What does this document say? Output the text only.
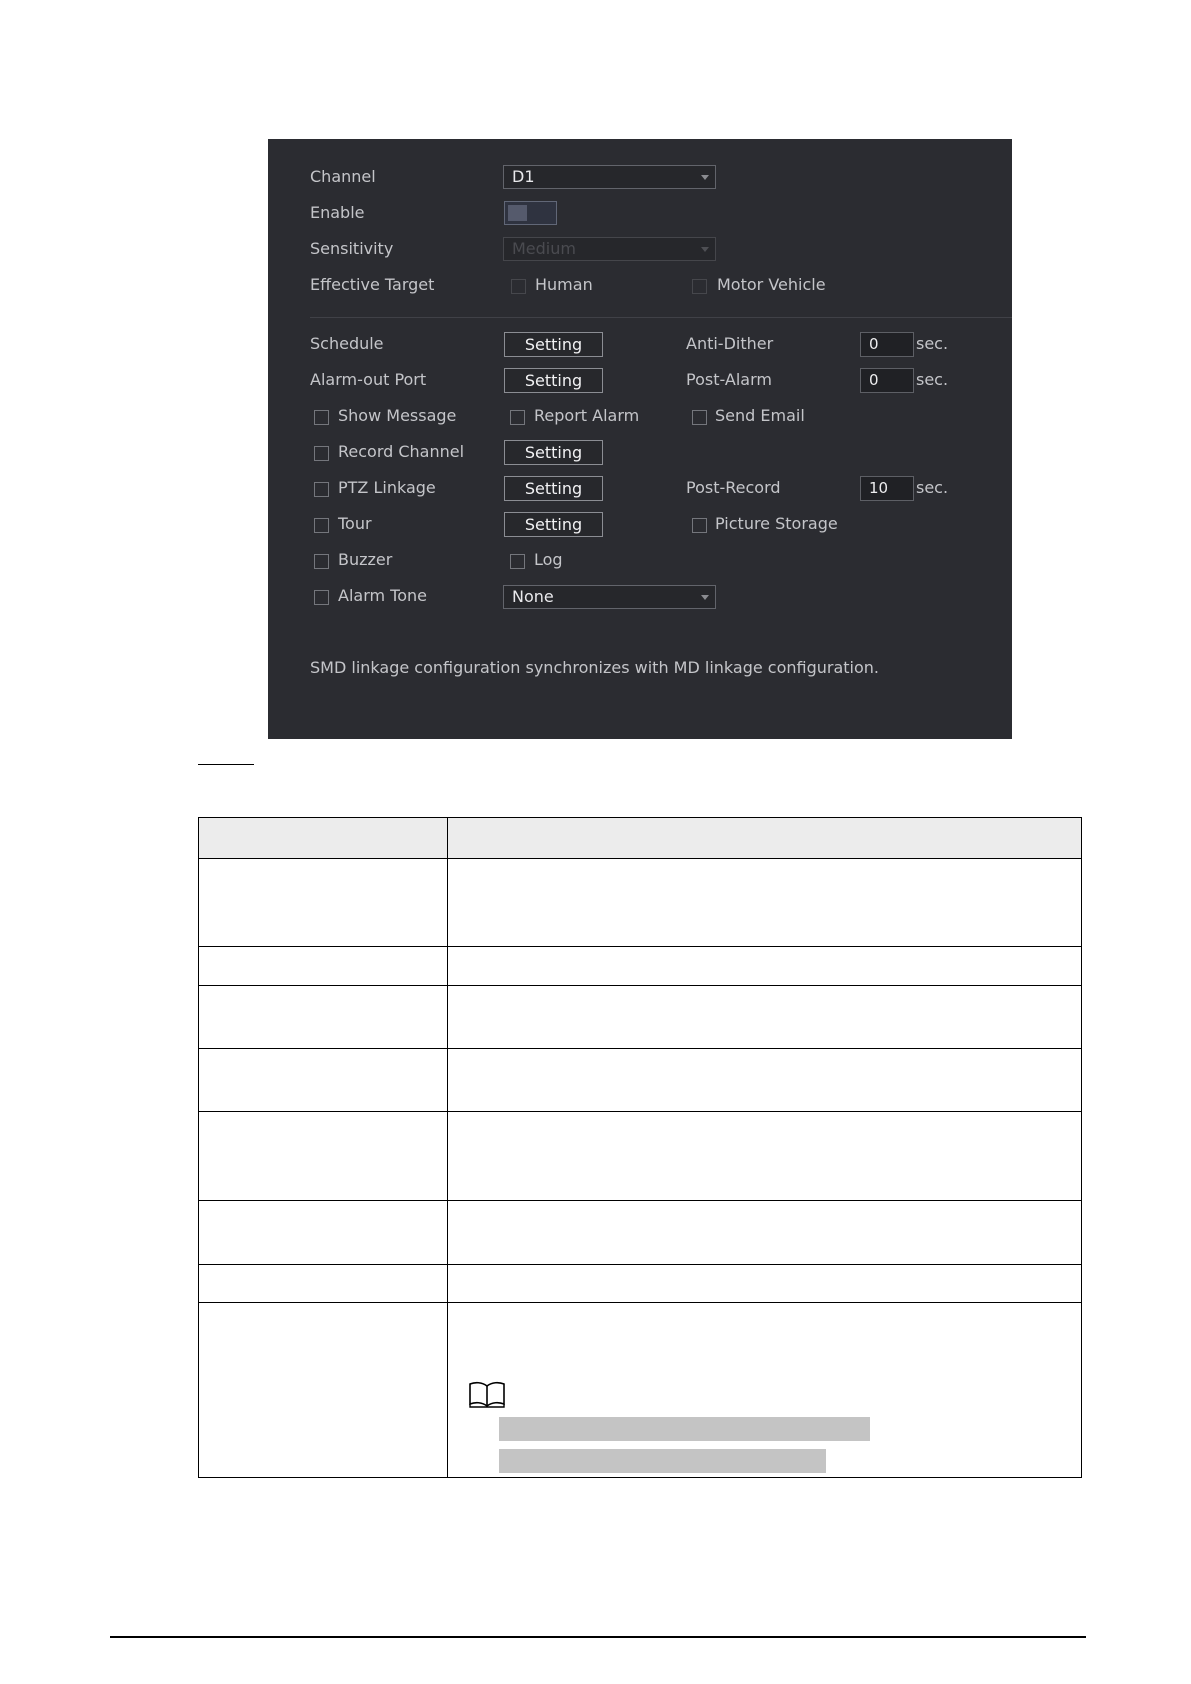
Channel	D1
Enable
Sensitivity	Medium
Effective Target	Human	Motor Vehicle
Schedule	Setting	Anti-Dither	0	sec.
Alarm-out Port	Setting	Post-Alarm	0	sec.
Show Message	Report Alarm	Send Email
Record Channel	Setting
PTZ Linkage	Setting	Post-Record	10	sec.
Tour	Setting	Picture Storage
Buzzer	Log
Alarm Tone	None
SMD linkage configuration synchronizes with MD linkage configuration.
